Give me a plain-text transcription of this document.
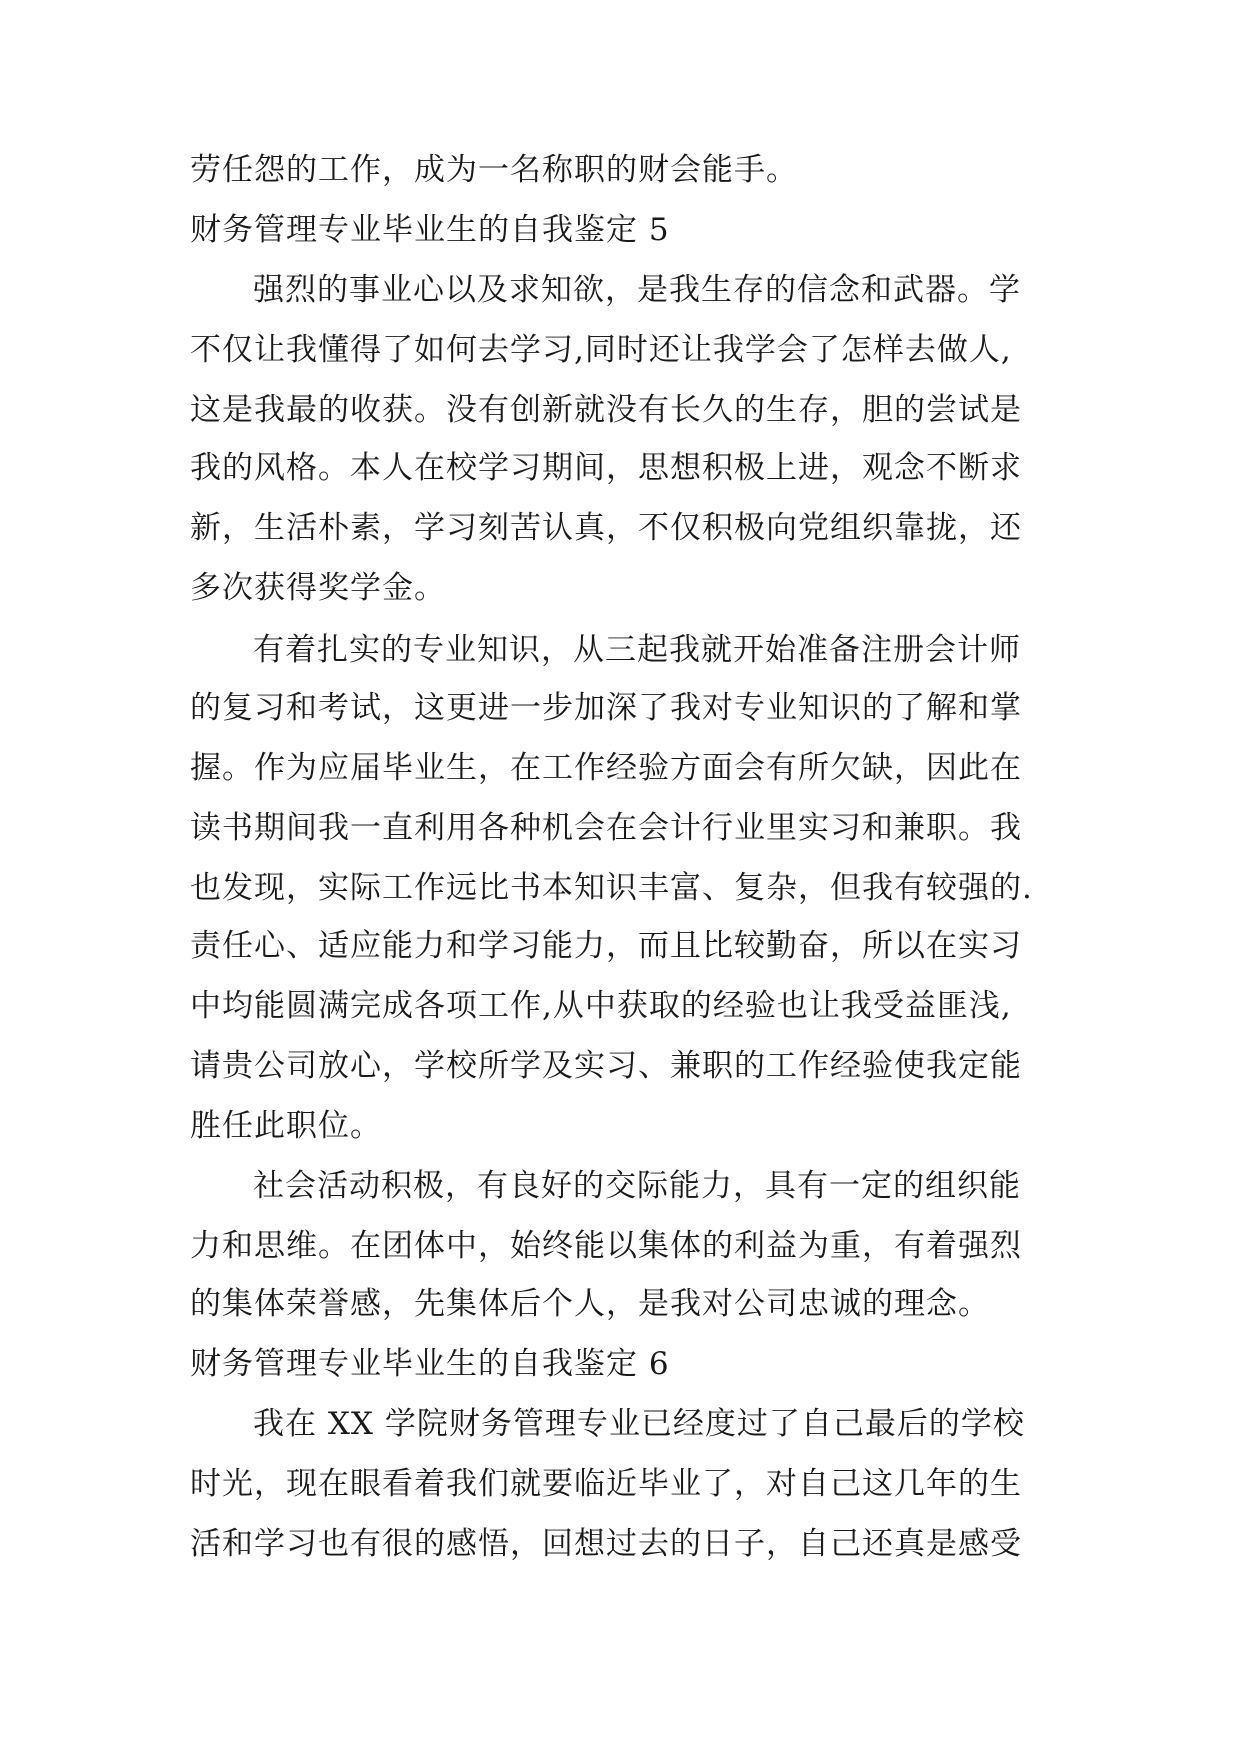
劳任怨的工作，成为一名称职的财会能手。
财务管理专业毕业生的自我鉴定 5
强烈的事业心以及求知欲，是我生存的信念和武器。学
不仅让我懂得了如何去学习,同时还让我学会了怎样去做人,
这是我最的收获。没有创新就没有长久的生存，胆的尝试是
我的风格。本人在校学习期间，思想积极上进，观念不断求
新，生活朴素，学习刻苦认真，不仅积极向党组织靠拢，还
多次获得奖学金。
有着扎实的专业知识，从三起我就开始准备注册会计师
的复习和考试，这更进一步加深了我对专业知识的了解和掌
握。作为应届毕业生，在工作经验方面会有所欠缺，因此在
读书期间我一直利用各种机会在会计行业里实习和兼职。我
也发现，实际工作远比书本知识丰富、复杂，但我有较强的.
责任心、适应能力和学习能力，而且比较勤奋，所以在实习
中均能圆满完成各项工作,从中获取的经验也让我受益匪浅,
请贵公司放心，学校所学及实习、兼职的工作经验使我定能
胜任此职位。
社会活动积极，有良好的交际能力，具有一定的组织能
力和思维。在团体中，始终能以集体的利益为重，有着强烈
的集体荣誉感，先集体后个人，是我对公司忠诚的理念。
财务管理专业毕业生的自我鉴定 6
我在 XX 学院财务管理专业已经度过了自己最后的学校
时光，现在眼看着我们就要临近毕业了，对自己这几年的生
活和学习也有很的感悟，回想过去的日子，自己还真是感受
